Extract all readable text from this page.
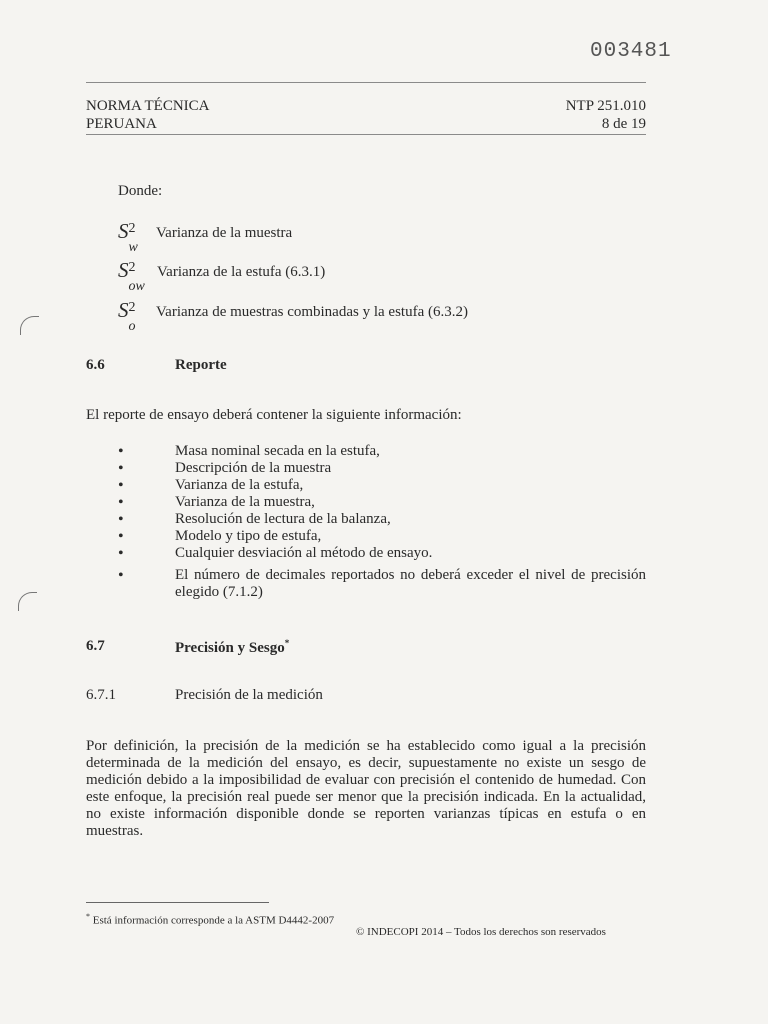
003481
NORMA TÉCNICA
PERUANA
NTP 251.010
8 de 19
Donde:
S 2
w
Varianza de la muestra
S 2
ow
Varianza de la estufa (6.3.1)
S 2
o
Varianza de muestras combinadas y la estufa (6.3.2)
6.6	Reporte
El reporte de ensayo deberá contener la siguiente información:
•	Masa nominal secada en la estufa,
•	Descripción de la muestra
•	Varianza de la estufa,
•	Varianza de la muestra,
•	Resolución de lectura de la balanza,
•	Modelo y tipo de estufa,
•	Cualquier desviación al método de ensayo.
•	El número de decimales reportados no deberá exceder el nivel de precisión
elegido (7.1.2)
6.7	Precisión y Sesgo*
6.7.1	Precisión de la medición
Por definición, la precisión de la medición se ha establecido como igual a la precisión
determinada de la medición del ensayo, es decir, supuestamente no existe un sesgo de
medición debido a la imposibilidad de evaluar con precisión el contenido de humedad. Con
este enfoque, la precisión real puede ser menor que la precisión indicada. En la actualidad,
no existe información disponible donde se reporten varianzas típicas en estufa o en
muestras.
* Está información corresponde a la ASTM D4442-2007
© INDECOPI 2014 – Todos los derechos son reservados
